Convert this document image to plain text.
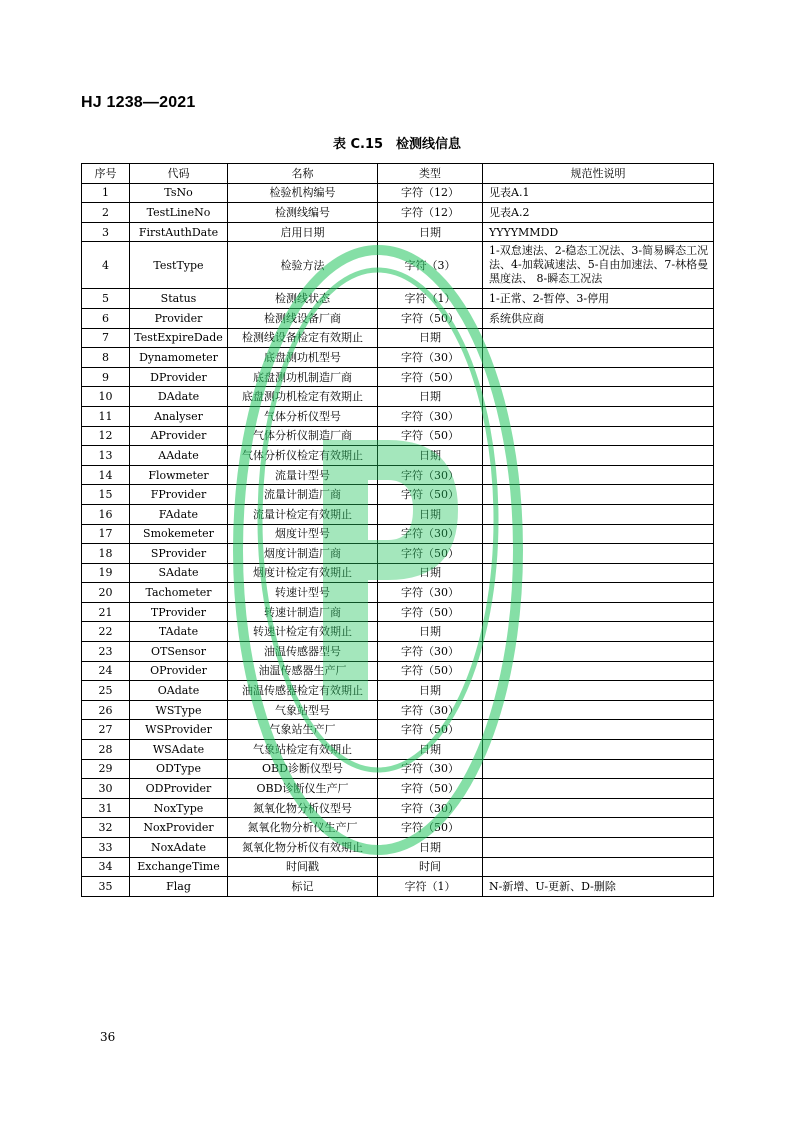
HJ 1238—2021
表 C.15　检测线信息
序号	代码	名称	类型	规范性说明
1	TsNo	检验机构编号	字符（12）	见表A.1
2	TestLineNo	检测线编号	字符（12）	见表A.2
3	FirstAuthDate	启用日期	日期	YYYYMMDD
4	TestType	检验方法	字符（3）	1-双怠速法、2-稳态工况法、3-简易瞬态工况法、4-加载减速法、5-自由加速法、7-林格曼黑度法、 8-瞬态工况法
5	Status	检测线状态	字符（1）	1-正常、2-暂停、3-停用
6	Provider	检测线设备厂商	字符（50）	系统供应商
7	TestExpireDade	检测线设备检定有效期止	日期	
8	Dynamometer	底盘测功机型号	字符（30）	
9	DProvider	底盘测功机制造厂商	字符（50）	
10	DAdate	底盘测功机检定有效期止	日期	
11	Analyser	气体分析仪型号	字符（30）	
12	AProvider	气体分析仪制造厂商	字符（50）	
13	AAdate	气体分析仪检定有效期止	日期	
14	Flowmeter	流量计型号	字符（30）	
15	FProvider	流量计制造厂商	字符（50）	
16	FAdate	流量计检定有效期止	日期	
17	Smokemeter	烟度计型号	字符（30）	
18	SProvider	烟度计制造厂商	字符（50）	
19	SAdate	烟度计检定有效期止	日期	
20	Tachometer	转速计型号	字符（30）	
21	TProvider	转速计制造厂商	字符（50）	
22	TAdate	转速计检定有效期止	日期	
23	OTSensor	油温传感器型号	字符（30）	
24	OProvider	油温传感器生产厂	字符（50）	
25	OAdate	油温传感器检定有效期止	日期	
26	WSType	气象站型号	字符（30）	
27	WSProvider	气象站生产厂	字符（50）	
28	WSAdate	气象站检定有效期止	日期	
29	ODType	OBD诊断仪型号	字符（30）	
30	ODProvider	OBD诊断仪生产厂	字符（50）	
31	NoxType	氮氧化物分析仪型号	字符（30）	
32	NoxProvider	氮氧化物分析仪生产厂	字符（50）	
33	NoxAdate	氮氧化物分析仪有效期止	日期	
34	ExchangeTime	时间戳	时间	
35	Flag	标记	字符（1）	N-新增、U-更新、D-删除
36
